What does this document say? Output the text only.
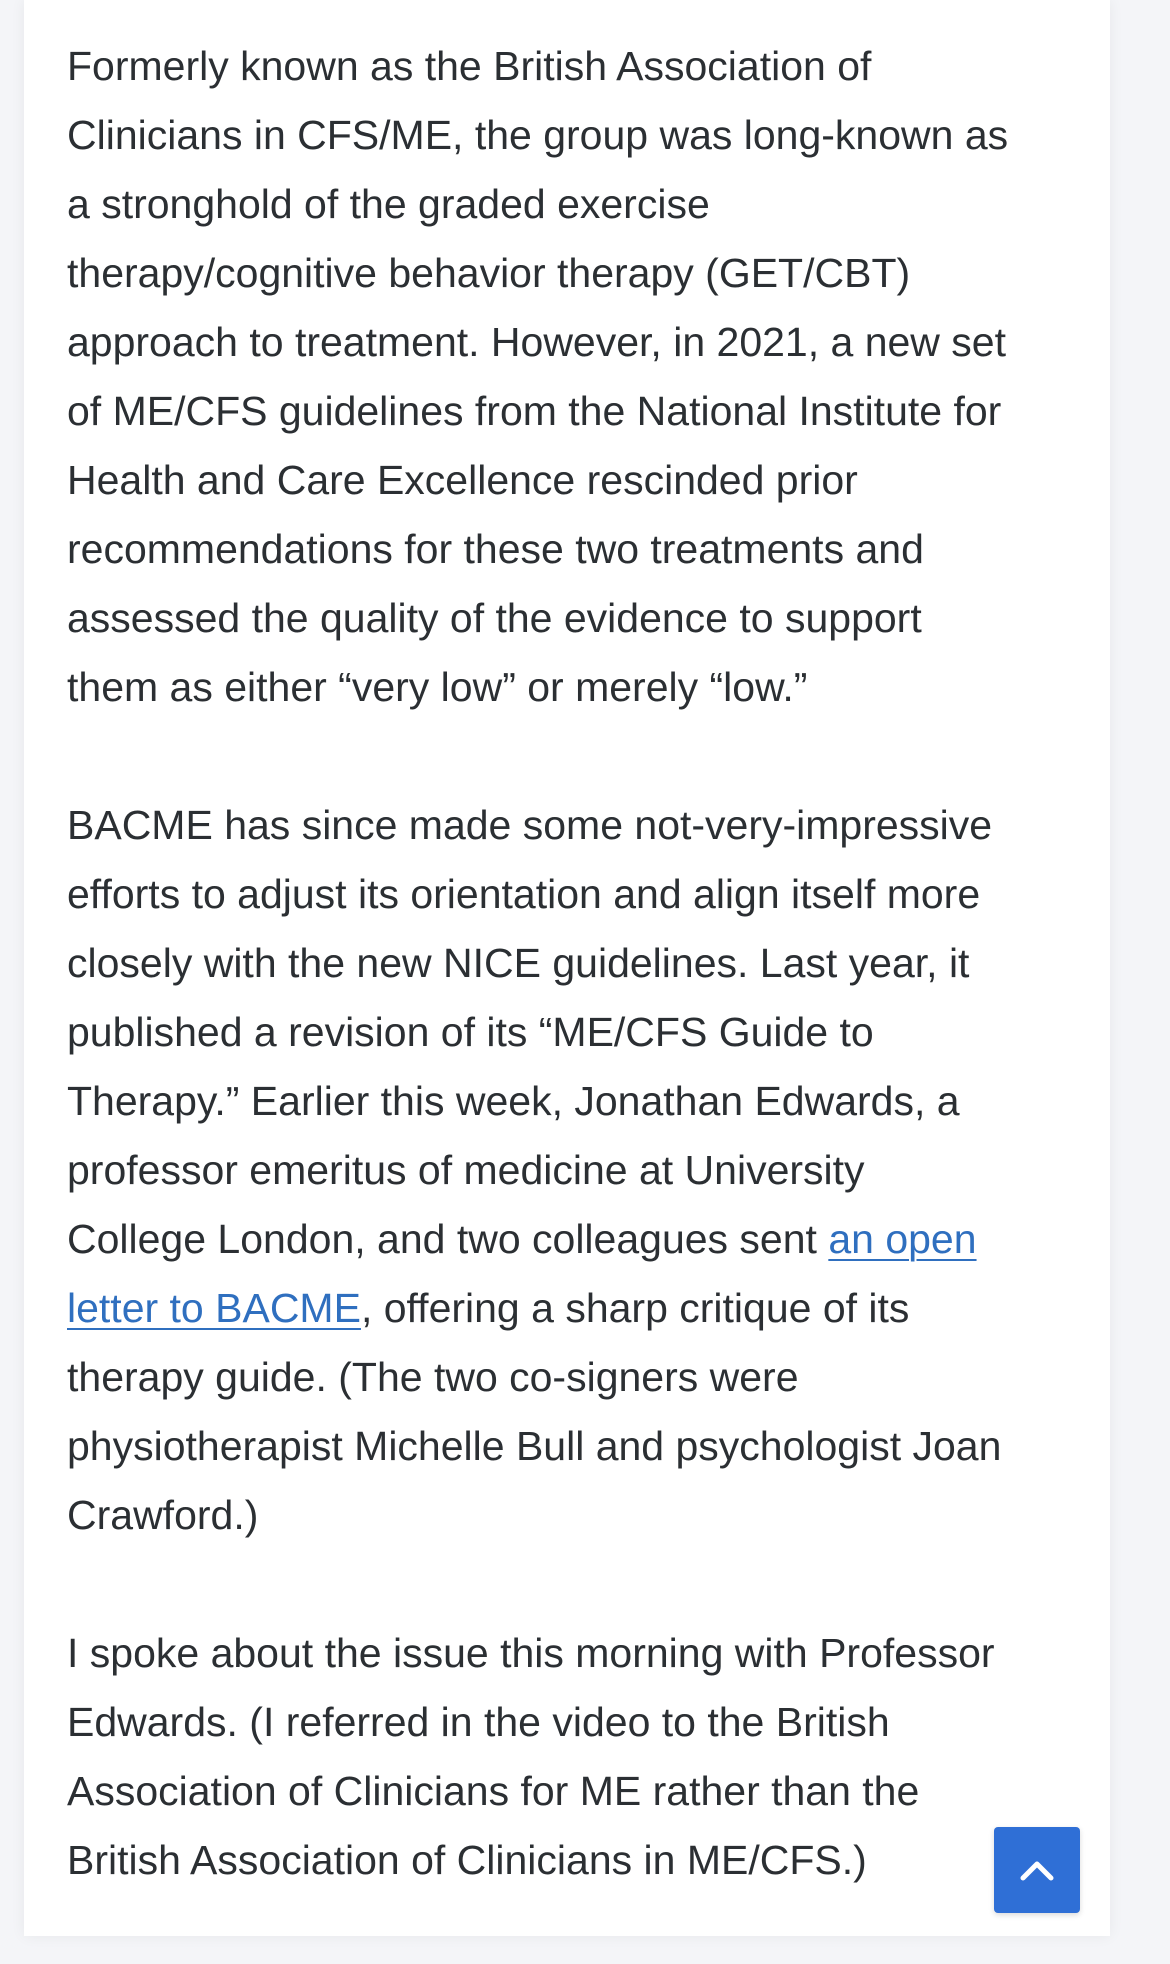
Formerly known as the British Association of
Clinicians in CFS/ME, the group was long-known as
a stronghold of the graded exercise
therapy/cognitive behavior therapy (GET/CBT)
approach to treatment. However, in 2021, a new set
of ME/CFS guidelines from the National Institute for
Health and Care Excellence rescinded prior
recommendations for these two treatments and
assessed the quality of the evidence to support
them as either “very low” or merely “low.”

BACME has since made some not-very-impressive
efforts to adjust its orientation and align itself more
closely with the new NICE guidelines. Last year, it
published a revision of its “ME/CFS Guide to
Therapy.” Earlier this week, Jonathan Edwards, a
professor emeritus of medicine at University
College London, and two colleagues sent an open
letter to BACME, offering a sharp critique of its
therapy guide. (The two co-signers were
physiotherapist Michelle Bull and psychologist Joan
Crawford.)

I spoke about the issue this morning with Professor
Edwards. (I referred in the video to the British
Association of Clinicians for ME rather than the
British Association of Clinicians in ME/CFS.)
